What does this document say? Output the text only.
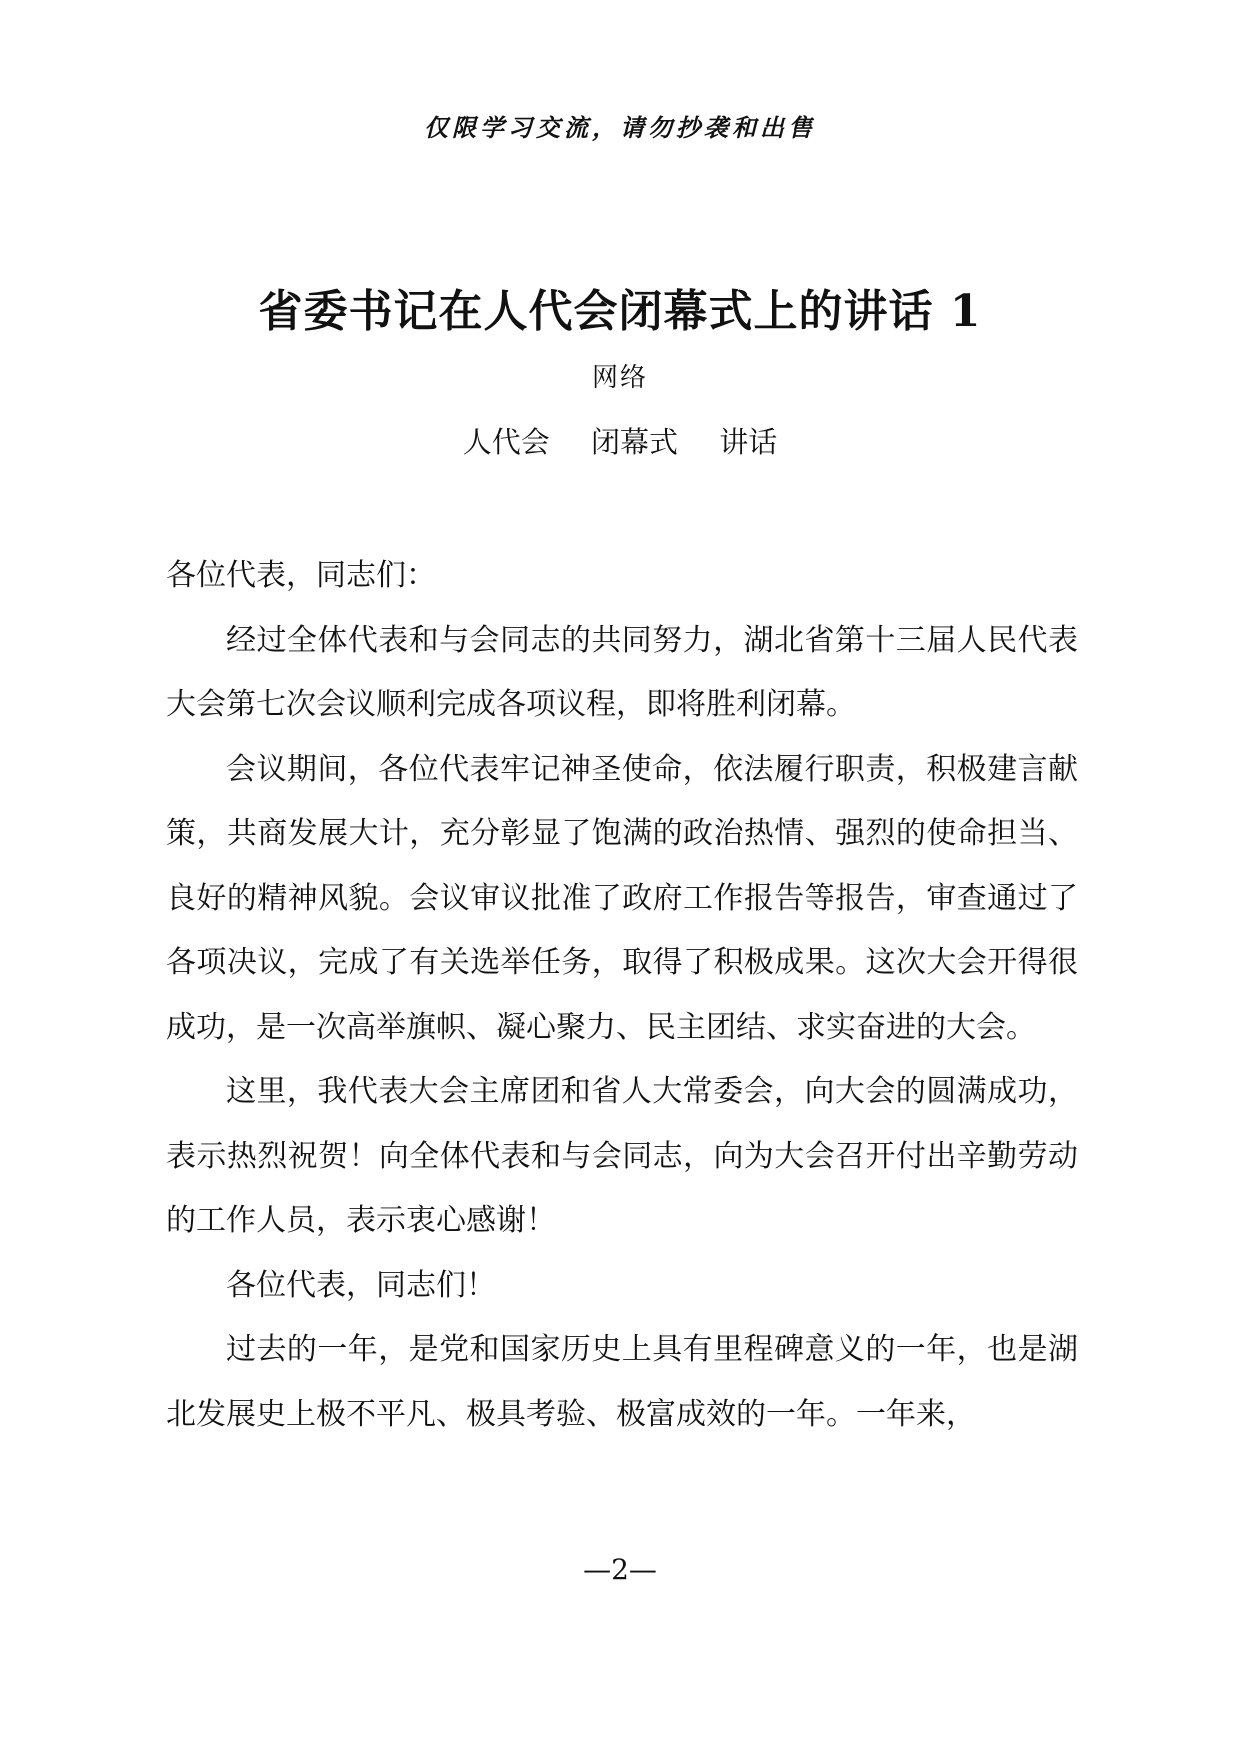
仅限学习交流，请勿抄袭和出售
省委书记在人代会闭幕式上的讲话 1
网络
人代会 闭幕式 讲话

各位代表，同志们：

经过全体代表和与会同志的共同努力，湖北省第十三届人民代表大会第七次会议顺利完成各项议程，即将胜利闭幕。

会议期间，各位代表牢记神圣使命，依法履行职责，积极建言献策，共商发展大计，充分彰显了饱满的政治热情、强烈的使命担当、良好的精神风貌。会议审议批准了政府工作报告等报告，审查通过了各项决议，完成了有关选举任务，取得了积极成果。这次大会开得很成功，是一次高举旗帜、凝心聚力、民主团结、求实奋进的大会。

这里，我代表大会主席团和省人大常委会，向大会的圆满成功，表示热烈祝贺！向全体代表和与会同志，向为大会召开付出辛勤劳动的工作人员，表示衷心感谢！

各位代表，同志们！

过去的一年，是党和国家历史上具有里程碑意义的一年，也是湖北发展史上极不平凡、极具考验、极富成效的一年。一年来，

—2—
